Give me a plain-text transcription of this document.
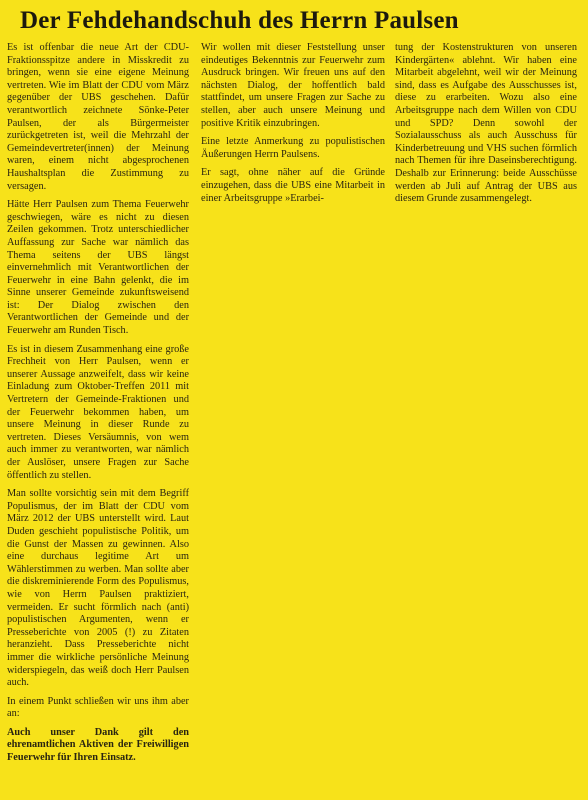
Der Fehdehandschuh des Herrn Paulsen

Es ist offenbar die neue Art der CDU-Fraktionsspitze andere in Misskredit zu bringen, wenn sie eine eigene Meinung vertreten. Wie im Blatt der CDU vom März gegenüber der UBS geschehen. Dafür verantwortlich zeichnete Sönke-Peter Paulsen, der als Bürgermeister zurückgetreten ist, weil die Mehrzahl der Gemeindevertreter(innen) der Meinung waren, einem nicht abgesprochenen Haushaltsplan die Zustimmung zu versagen.

Hätte Herr Paulsen zum Thema Feuerwehr geschwiegen, wäre es nicht zu diesen Zeilen gekommen. Trotz unterschiedlicher Auffassung zur Sache war nämlich das Thema seitens der UBS längst einvernehmlich mit Verantwortlichen der Feuerwehr in eine Bahn gelenkt, die im Sinne unserer Gemeinde zukunftsweisend ist: Der Dialog zwischen den Verantwortlichen der Gemeinde und der Feuerwehr am Runden Tisch.

Es ist in diesem Zusammenhang eine große Frechheit von Herr Paulsen, wenn er unserer Aussage anzweifelt, dass wir keine Einladung zum Oktober-Treffen 2011 mit Vertretern der Gemeinde-Fraktionen und der Feuerwehr bekommen haben, um unsere Meinung in dieser Runde zu vertreten. Dieses Versäumnis, von wem auch immer zu verantworten, war nämlich der Auslöser, unsere Fragen zur Sache öffentlich zu stellen.

Man sollte vorsichtig sein mit dem Begriff Populismus, der im Blatt der CDU vom März 2012 der UBS unterstellt wird. Laut Duden geschieht populistische Politik, um die Gunst der Massen zu gewinnen. Also eine durchaus legitime Art um Wählerstimmen zu werben. Man sollte aber die diskreminierende Form des Populismus, wie von Herrn Paulsen praktiziert, vermeiden. Er sucht förmlich nach (anti) populistischen Argumenten, wenn er Presseberichte von 2005 (!) zu Zitaten heranzieht. Dass Presseberichte nicht immer die wirkliche persönliche Meinung widerspiegeln, das weiß doch Herr Paulsen auch.

In einem Punkt schließen wir uns ihm aber an:

Auch unser Dank gilt den ehrenamtlichen Aktiven der Freiwilligen Feuerwehr für Ihren Einsatz.

Wir wollen mit dieser Feststellung unser eindeutiges Bekenntnis zur Feuerwehr zum Ausdruck bringen. Wir freuen uns auf den nächsten Dialog, der hoffentlich bald stattfindet, um unsere Fragen zur Sache zu stellen, aber auch unsere Meinung und positive Kritik einzubringen.

Eine letzte Anmerkung zu populistischen Äußerungen Herrn Paulsens.

Er sagt, ohne näher auf die Gründe einzugehen, dass die UBS eine Mitarbeit in einer Arbeitsgruppe »Erarbei-

tung der Kostenstrukturen von unseren Kindergärten« ablehnt. Wir haben eine Mitarbeit abgelehnt, weil wir der Meinung sind, dass es Aufgabe des Ausschusses ist, diese zu erarbeiten. Wozu also eine Arbeitsgruppe nach dem Willen von CDU und SPD? Denn sowohl der Sozialausschuss als auch Ausschuss für Kinderbetreuung und VHS suchen förmlich nach Themen für ihre Daseinsberechtigung. Deshalb zur Erinnerung: beide Ausschüsse werden ab Juli auf Antrag der UBS aus diesem Grunde zusammengelegt.
